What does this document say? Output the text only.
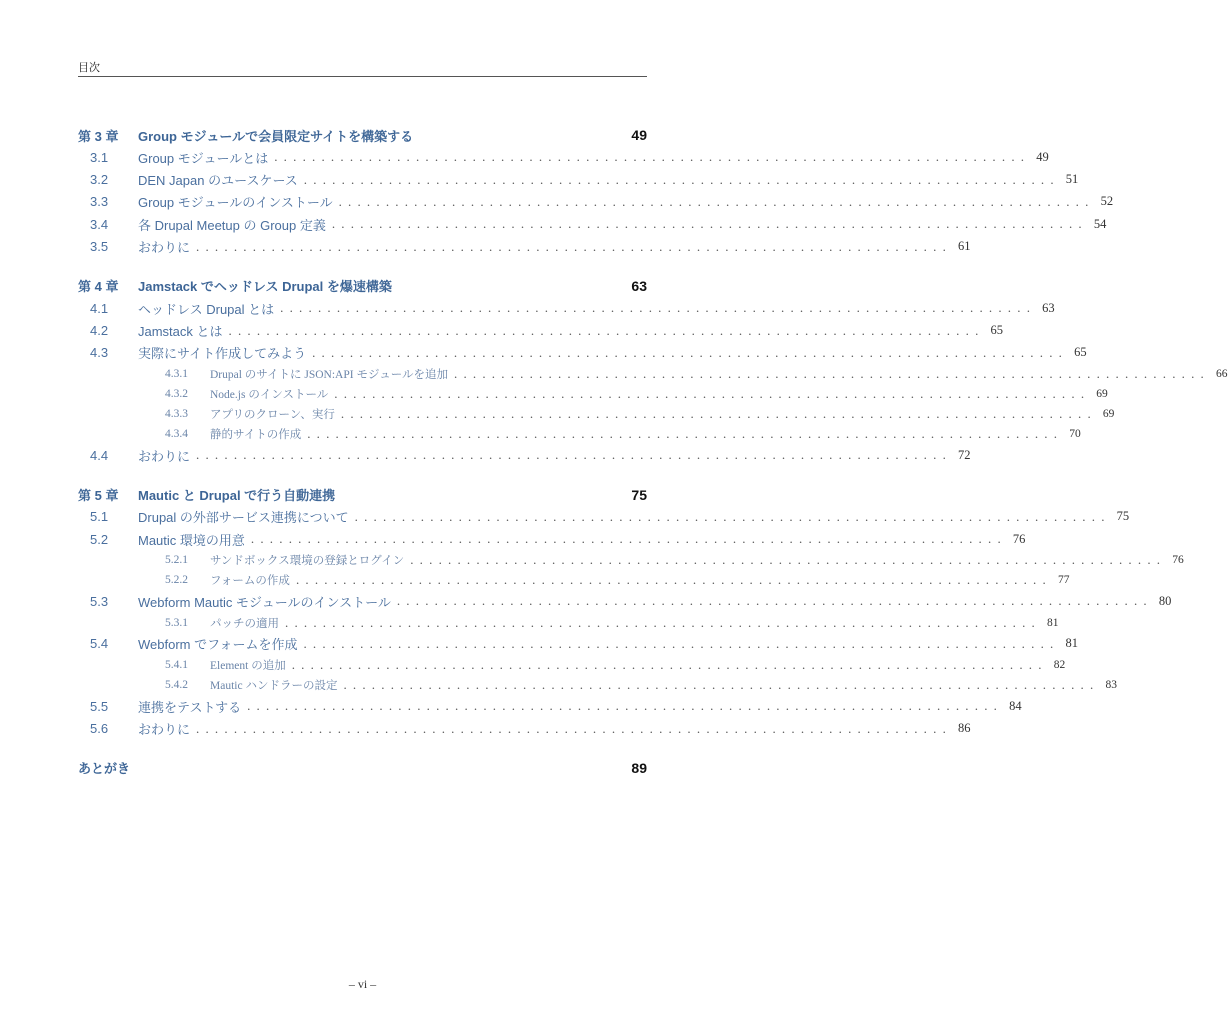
目次
第 3 章	Group モジュールで会員限定サイトを構築する	49
3.1	Group モジュールとは ................................................................................ 49
3.2	DEN Japan のユースケース ................................................................................ 51
3.3	Group モジュールのインストール ................................................................................ 52
3.4	各 Drupal Meetup の Group 定義 ................................................................................ 54
3.5	おわりに ................................................................................ 61
第 4 章	Jamstack でヘッドレス Drupal を爆速構築	63
4.1	ヘッドレス Drupal とは ................................................................................ 63
4.2	Jamstack とは ................................................................................ 65
4.3	実際にサイト作成してみよう ................................................................................ 65
4.3.1	Drupal のサイトに JSON:API モジュールを追加 ................................................................................ 66
4.3.2	Node.js のインストール ................................................................................ 69
4.3.3	アプリのクローン、実行 ................................................................................ 69
4.3.4	静的サイトの作成 ................................................................................ 70
4.4	おわりに ................................................................................ 72
第 5 章	Mautic と Drupal で行う自動連携	75
5.1	Drupal の外部サービス連携について ................................................................................ 75
5.2	Mautic 環境の用意 ................................................................................ 76
5.2.1	サンドボックス環境の登録とログイン ................................................................................ 76
5.2.2	フォームの作成 ................................................................................ 77
5.3	Webform Mautic モジュールのインストール ................................................................................ 80
5.3.1	パッチの適用 ................................................................................ 81
5.4	Webform でフォームを作成 ................................................................................ 81
5.4.1	Element の追加 ................................................................................ 82
5.4.2	Mautic ハンドラーの設定 ................................................................................ 83
5.5	連携をテストする ................................................................................ 84
5.6	おわりに ................................................................................ 86
あとがき	89
– vi –
